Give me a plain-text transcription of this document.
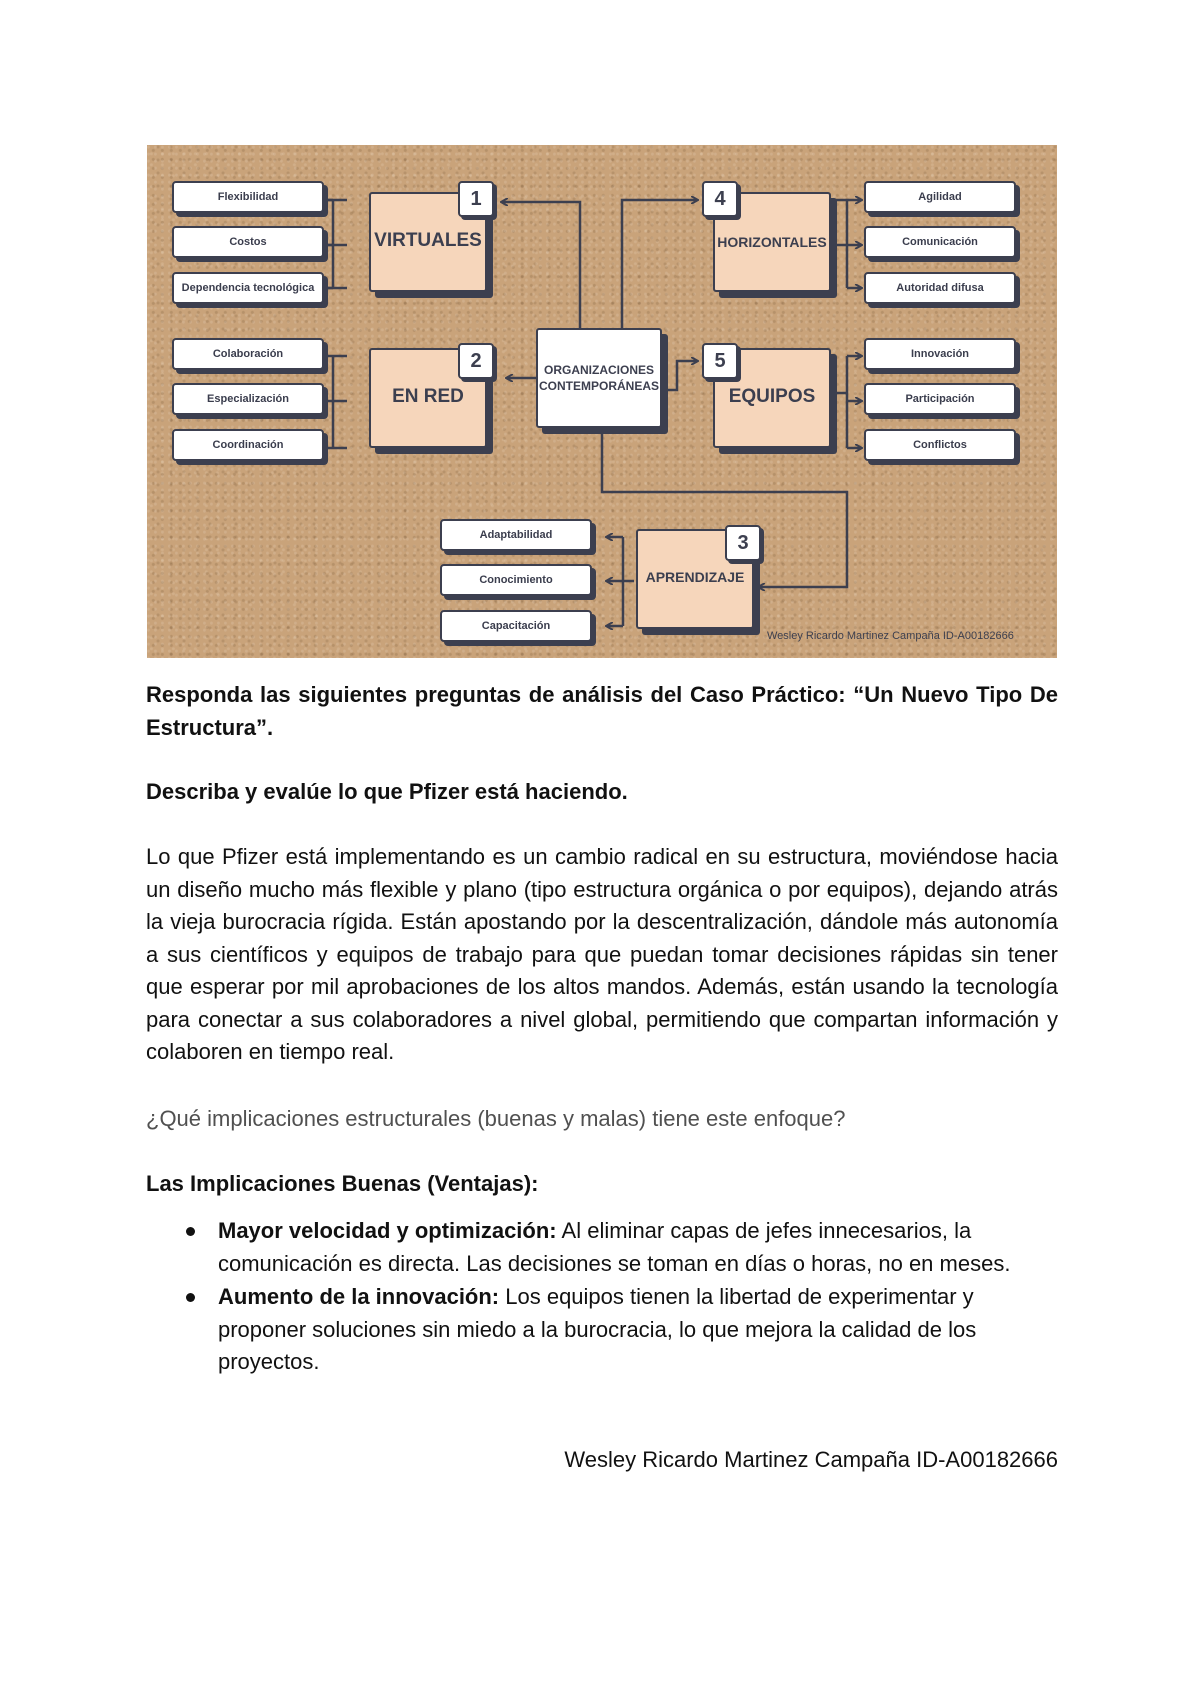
Flexibilidad
Costos
Dependencia tecnológica
Colaboración
Especialización
Coordinación
Agilidad
Comunicación
Autoridad difusa
Innovación
Participación
Conflictos
Adaptabilidad
Conocimiento
Capacitación
VIRTUALES
1
EN RED
2
HORIZONTALES
4
EQUIPOS
5
APRENDIZAJE
3
ORGANIZACIONES CONTEMPORÁNEAS
Wesley Ricardo Martinez Campaña ID-A00182666
Responda las siguientes preguntas de análisis del Caso Práctico: “Un Nuevo Tipo De Estructura”.
Describa y evalúe lo que Pfizer está haciendo.
Lo que Pfizer está implementando es un cambio radical en su estructura, moviéndose hacia un diseño mucho más flexible y plano (tipo estructura orgánica o por equipos), dejando atrás la vieja burocracia rígida. Están apostando por la descentralización, dándole más autonomía a sus científicos y equipos de trabajo para que puedan tomar decisiones rápidas sin tener que esperar por mil aprobaciones de los altos mandos. Además, están usando la tecnología para conectar a sus colaboradores a nivel global, permitiendo que compartan información y colaboren en tiempo real.
¿Qué implicaciones estructurales (buenas y malas) tiene este enfoque?
Las Implicaciones Buenas (Ventajas):
Mayor velocidad y optimización: Al eliminar capas de jefes innecesarios, la comunicación es directa. Las decisiones se toman en días o horas, no en meses.
Aumento de la innovación: Los equipos tienen la libertad de experimentar y proponer soluciones sin miedo a la burocracia, lo que mejora la calidad de los proyectos.
Wesley Ricardo Martinez Campaña ID-A00182666
